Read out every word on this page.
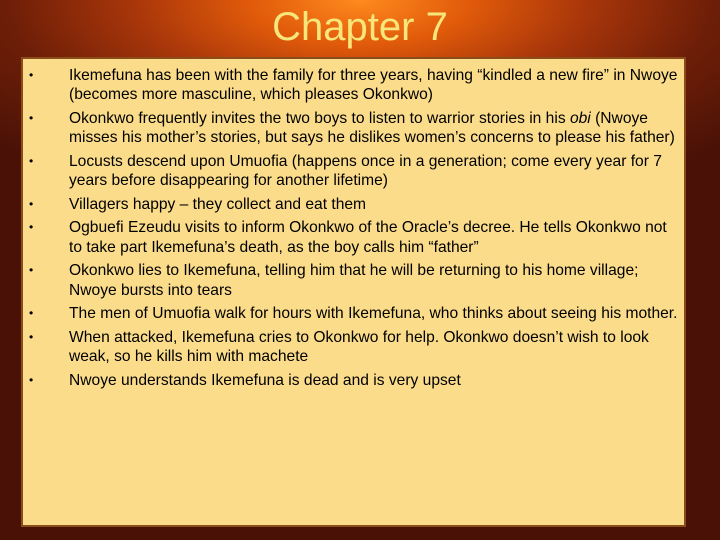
Chapter 7
• Ikemefuna has been with the family for three years, having “kindled a new fire” in Nwoye (becomes more masculine, which pleases Okonkwo)
• Okonkwo frequently invites the two boys to listen to warrior stories in his obi (Nwoye misses his mother’s stories, but says he dislikes women’s concerns to please his father)
• Locusts descend upon Umuofia (happens once in a generation; come every year for 7 years before disappearing for another lifetime)
• Villagers happy – they collect and eat them
• Ogbuefi Ezeudu visits to inform Okonkwo of the Oracle’s decree. He tells Okonkwo not to take part Ikemefuna’s death, as the boy calls him “father”
• Okonkwo lies to Ikemefuna, telling him that he will be returning to his home village; Nwoye bursts into tears
• The men of Umuofia walk for hours with Ikemefuna, who thinks about seeing his mother.
• When attacked, Ikemefuna cries to Okonkwo for help. Okonkwo doesn’t wish to look weak, so he kills him with machete
• Nwoye understands Ikemefuna is dead and is very upset
